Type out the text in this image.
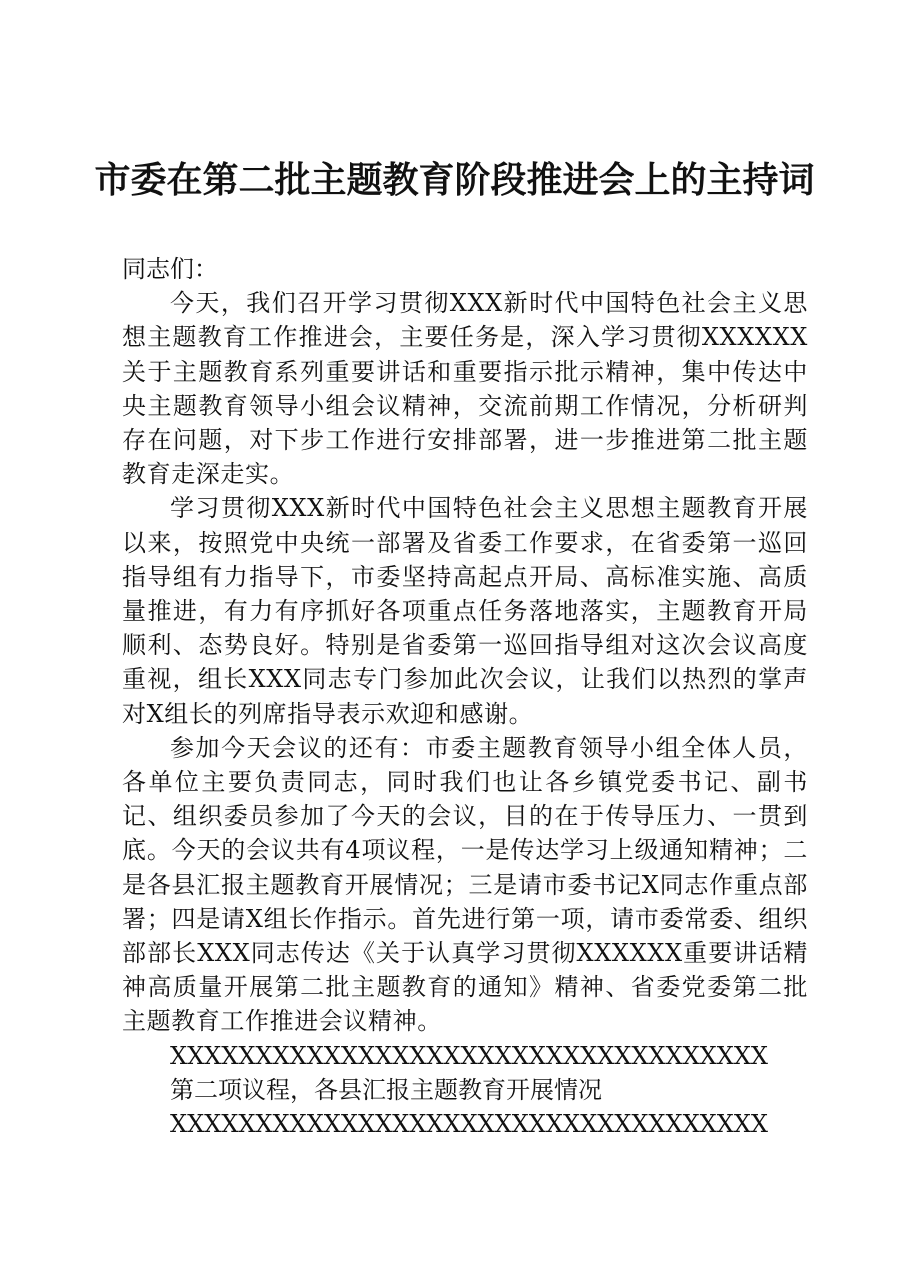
市委在第二批主题教育阶段推进会上的主持词

同志们：

今天，我们召开学习贯彻XXX新时代中国特色社会主义思想主题教育工作推进会，主要任务是，深入学习贯彻XXXXXX关于主题教育系列重要讲话和重要指示批示精神，集中传达中央主题教育领导小组会议精神，交流前期工作情况，分析研判存在问题，对下步工作进行安排部署，进一步推进第二批主题教育走深走实。

学习贯彻XXX新时代中国特色社会主义思想主题教育开展以来，按照党中央统一部署及省委工作要求，在省委第一巡回指导组有力指导下，市委坚持高起点开局、高标准实施、高质量推进，有力有序抓好各项重点任务落地落实，主题教育开局顺利、态势良好。特别是省委第一巡回指导组对这次会议高度重视，组长XXX同志专门参加此次会议，让我们以热烈的掌声对X组长的列席指导表示欢迎和感谢。

参加今天会议的还有：市委主题教育领导小组全体人员，各单位主要负责同志，同时我们也让各乡镇党委书记、副书记、组织委员参加了今天的会议，目的在于传导压力、一贯到底。今天的会议共有4项议程，一是传达学习上级通知精神；二是各县汇报主题教育开展情况；三是请市委书记X同志作重点部署；四是请X组长作指示。首先进行第一项，请市委常委、组织部部长XXX同志传达《关于认真学习贯彻XXXXXX重要讲话精神高质量开展第二批主题教育的通知》精神、省委党委第二批主题教育工作推进会议精神。

XXXXXXXXXXXXXXXXXXXXXXXXXXXXXXXXXXX

第二项议程，各县汇报主题教育开展情况

XXXXXXXXXXXXXXXXXXXXXXXXXXXXXXXXXXX
